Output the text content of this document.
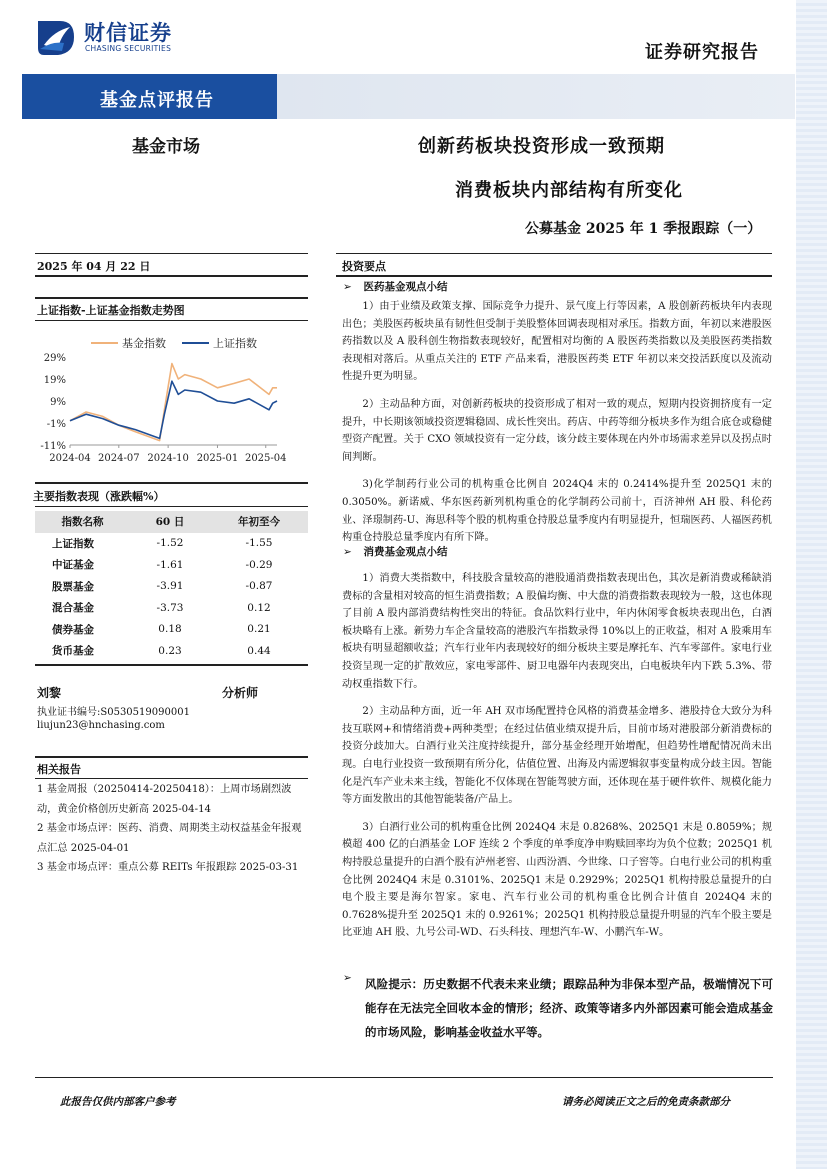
财信证券
CHASING SECURITIES	证券研究报告
基金点评报告
基金市场	创新药板块投资形成一致预期
消费板块内部结构有所变化
公募基金 2025 年 1 季报跟踪（一）
2025 年 04 月 22 日
上证指数-上证基金指数走势图
基金指数	上证指数
29%
19%
9%
-1%
-11%
2024-04 2024-07 2024-10 2025-01 2025-04
主要指数表现（涨跌幅%）
指数名称	60 日	年初至今
上证指数	-1.52	-1.55
中证基金	-1.61	-0.29
股票基金	-3.91	-0.87
混合基金	-3.73	0.12
债券基金	0.18	0.21
货币基金	0.23	0.44
刘黎	分析师
执业证书编号:S0530519090001
liujun23@hnchasing.com
相关报告

1 基金周报（20250414-20250418）：上周市场剧烈波动，黄金价格创历史新高 2025-04-14

2 基金市场点评：医药、消费、周期类主动权益基金年报观点汇总 2025-04-01

3 基金市场点评：重点公募 REITs 年报跟踪 2025-03-31

投资要点
➢ 医药基金观点小结

1）由于业绩及政策支撑、国际竞争力提升、景气度上行等因素，A 股创新药板块年内表现出色；美股医药板块虽有韧性但受制于美股整体回调表现相对承压。指数方面，年初以来港股医药指数以及 A 股科创生物指数表现较好，配置相对均衡的 A 股医药类指数以及美股医药类指数表现相对落后。从重点关注的 ETF 产品来看，港股医药类 ETF 年初以来交投活跃度以及流动性提升更为明显。

2）主动品种方面，对创新药板块的投资形成了相对一致的观点，短期内投资拥挤度有一定提升，中长期该领域投资逻辑稳固、成长性突出。药店、中药等细分板块多作为组合底仓或稳健型资产配置。关于 CXO 领域投资有一定分歧，该分歧主要体现在内外市场需求差异以及拐点时间判断。

3)化学制药行业公司的机构重仓比例自 2024Q4 末的 0.2414%提升至 2025Q1 末的 0.3050%。新诺威、华东医药新列机构重仓的化学制药公司前十，百济神州 AH 股、科伦药业、泽璟制药-U、海思科等个股的机构重仓持股总量季度内有明显提升，恒瑞医药、人福医药机构重仓持股总量季度内有所下降。

➢ 消费基金观点小结

1）消费大类指数中，科技股含量较高的港股通消费指数表现出色，其次是新消费或稀缺消费标的含量相对较高的恒生消费指数；A 股偏均衡、中大盘的消费指数表现较为一般，这也体现了目前 A 股内部消费结构性突出的特征。食品饮料行业中，年内休闲零食板块表现出色，白酒板块略有上涨。新势力车企含量较高的港股汽车指数录得 10%以上的正收益，相对 A 股乘用车板块有明显超额收益；汽车行业年内表现较好的细分板块主要是摩托车、汽车零部件。家电行业投资呈现一定的扩散效应，家电零部件、厨卫电器年内表现突出，白电板块年内下跌 5.3%、带动权重指数下行。

2）主动品种方面，近一年 AH 双市场配置持仓风格的消费基金增多、港股持仓大致分为科技互联网+和情绪消费+两种类型；在经过估值业绩双提升后，目前市场对港股部分新消费标的投资分歧加大。白酒行业关注度持续提升，部分基金经理开始增配，但趋势性增配情况尚未出现。白电行业投资一致预期有所分化，估值位置、出海及内需逻辑叙事变量构成分歧主因。智能化是汽车产业未来主线，智能化不仅体现在智能驾驶方面，还体现在基于硬件软件、规模化能力等方面发散出的其他智能装备/产品上。

3）白酒行业公司的机构重仓比例 2024Q4 末是 0.8268%、2025Q1 末是 0.8059%；规模超 400 亿的白酒基金 LOF 连续 2 个季度的单季度净申购赎回率均为负个位数；2025Q1 机构持股总量提升的白酒个股有泸州老窖、山西汾酒、今世缘、口子窖等。白电行业公司的机构重仓比例 2024Q4 末是 0.3101%、2025Q1 末是 0.2929%；2025Q1 机构持股总量提升的白电个股主要是海尔智家。家电、汽车行业公司的机构重仓比例合计值自 2024Q4 末的 0.7628%提升至 2025Q1 末的 0.9261%；2025Q1 机构持股总量提升明显的汽车个股主要是比亚迪 AH 股、九号公司-WD、石头科技、理想汽车-W、小鹏汽车-W。

➢ 风险提示：历史数据不代表未来业绩；跟踪品种为非保本型产品，极端情况下可能存在无法完全回收本金的情形；经济、政策等诸多内外部因素可能会造成基金的市场风险，影响基金收益水平等。

此报告仅供内部客户参考	请务必阅读正文之后的免责条款部分
